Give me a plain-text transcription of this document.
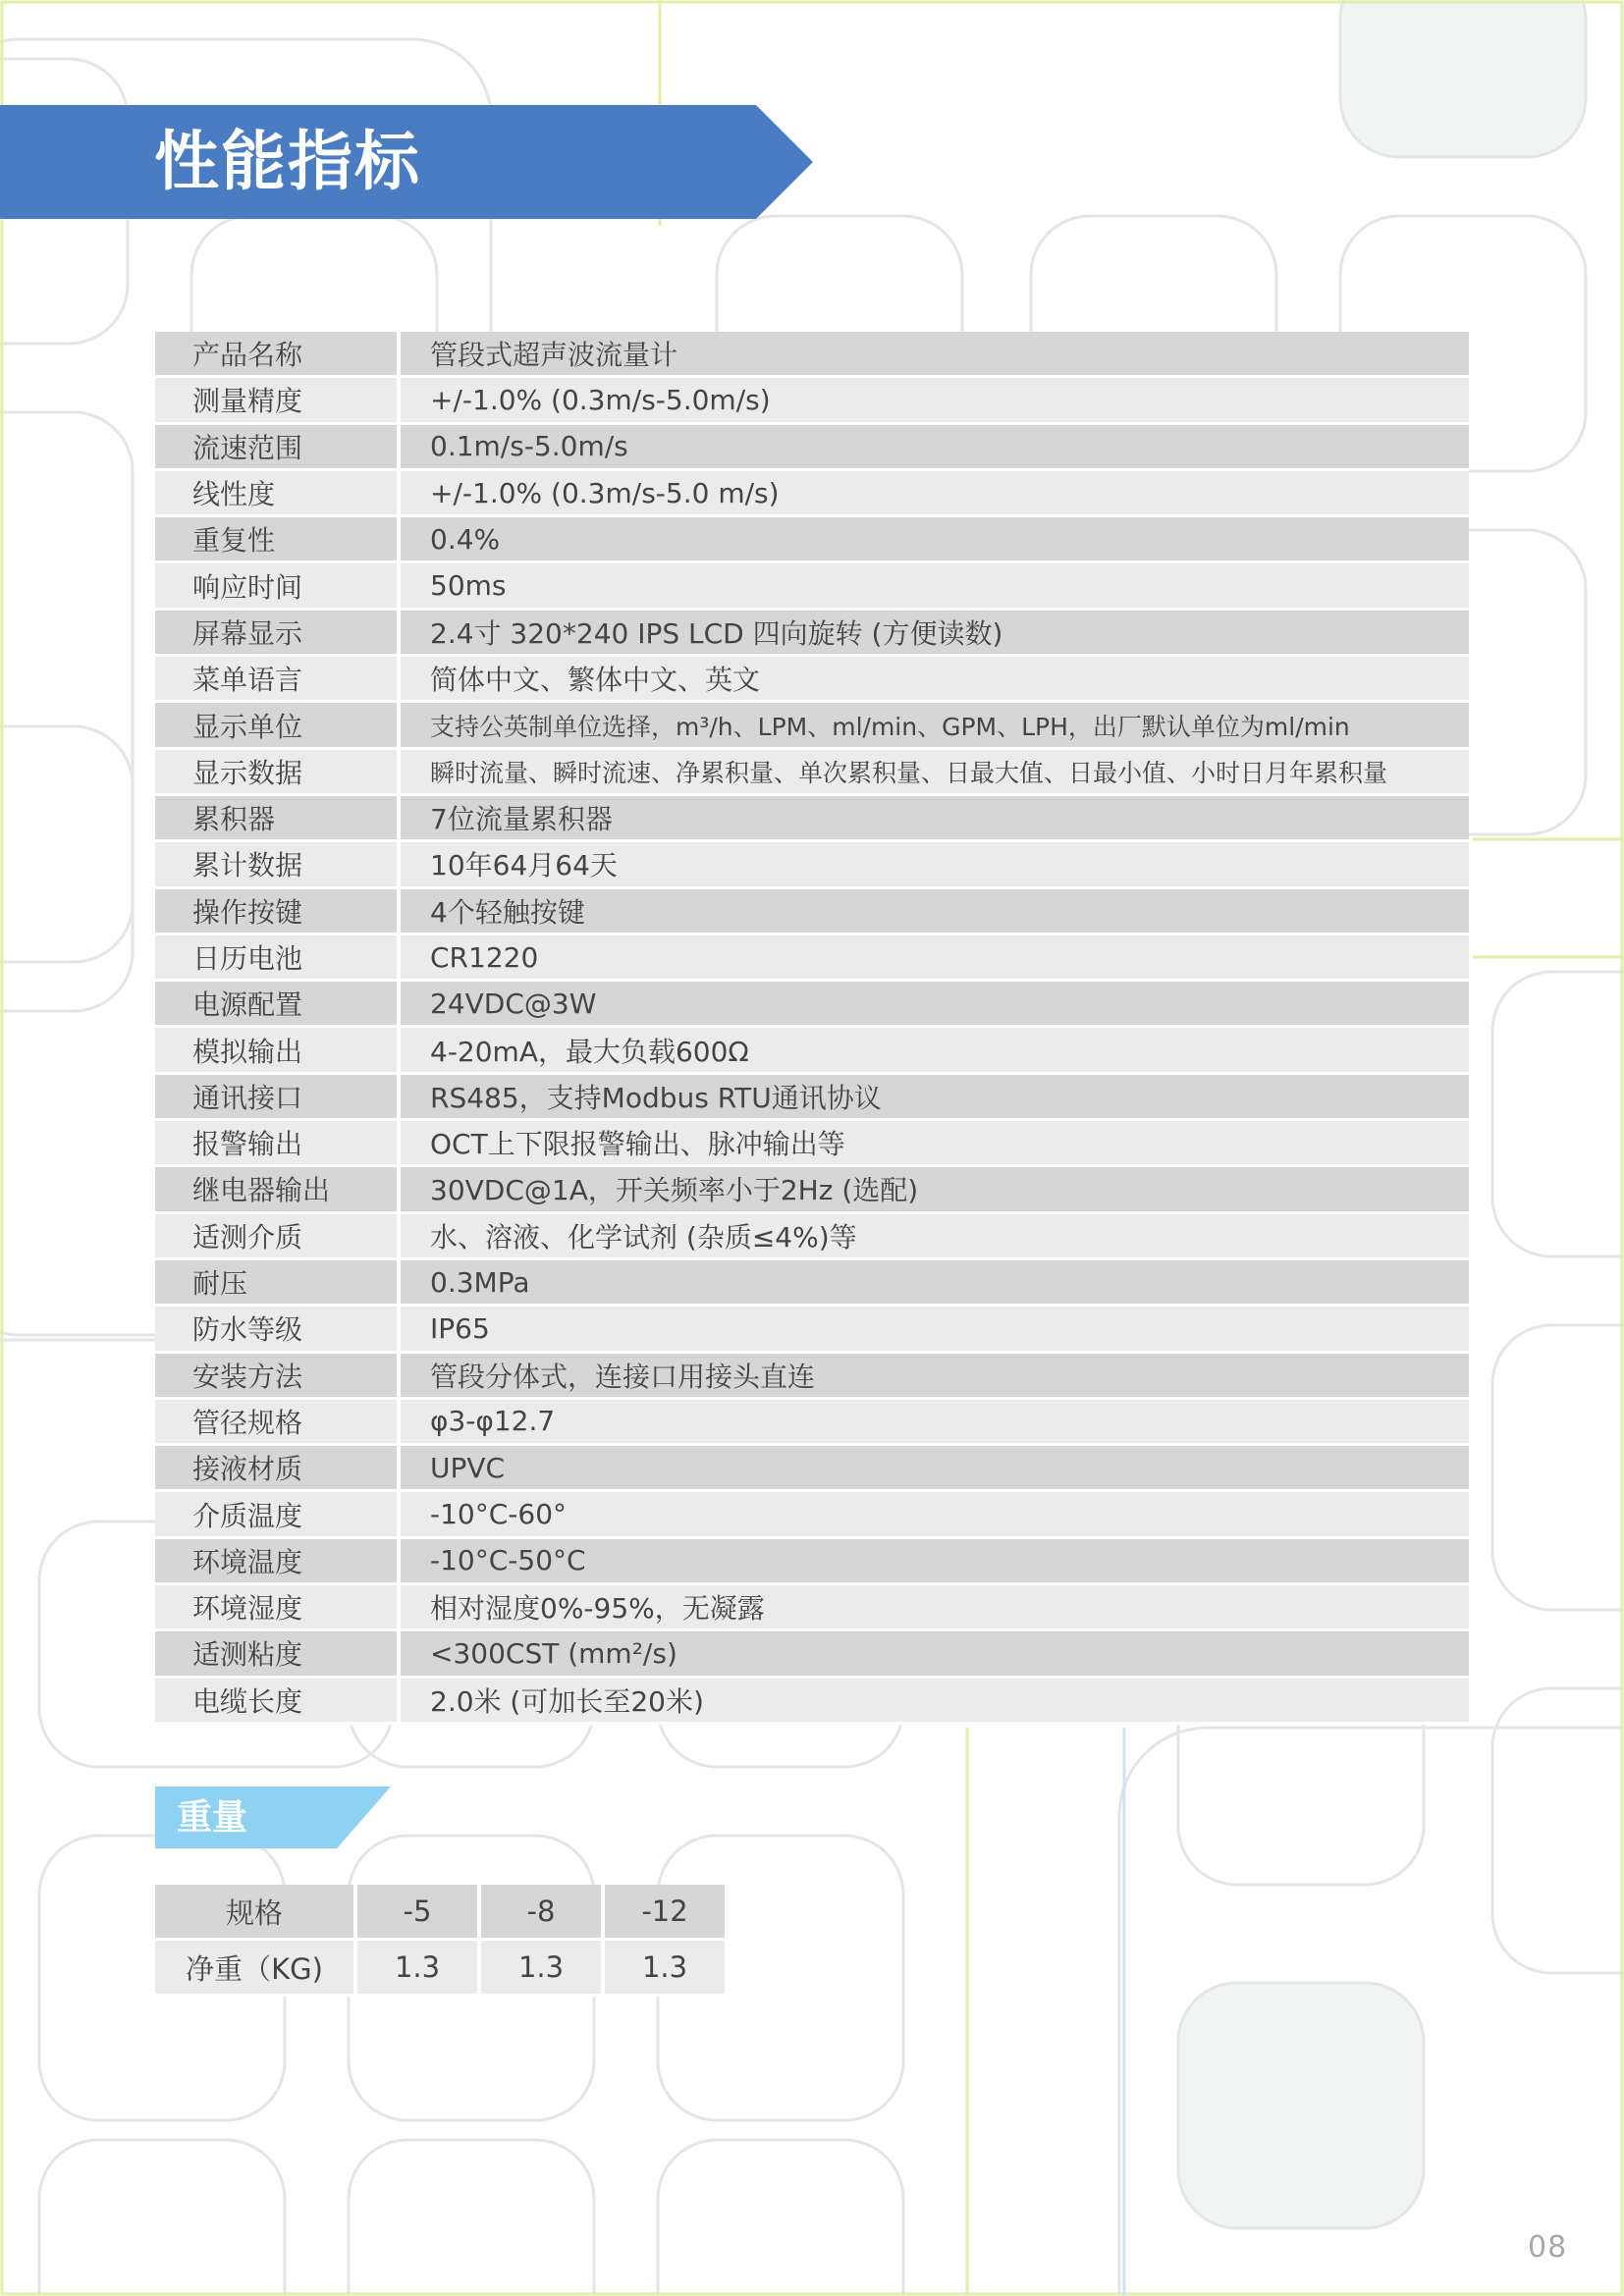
性能指标
产品名称	管段式超声波流量计
测量精度	+/-1.0% (0.3m/s-5.0m/s)
流速范围	0.1m/s-5.0m/s
线性度	+/-1.0% (0.3m/s-5.0 m/s)
重复性	0.4%
响应时间	50ms
屏幕显示	2.4寸 320*240 IPS LCD 四向旋转 (方便读数)
菜单语言	简体中文、繁体中文、英文
显示单位	支持公英制单位选择，m³/h、LPM、ml/min、GPM、LPH，出厂默认单位为ml/min
显示数据	瞬时流量、瞬时流速、净累积量、单次累积量、日最大值、日最小值、小时日月年累积量
累积器	7位流量累积器
累计数据	10年64月64天
操作按键	4个轻触按键
日历电池	CR1220
电源配置	24VDC@3W
模拟输出	4-20mA，最大负载600Ω
通讯接口	RS485，支持Modbus RTU通讯协议
报警输出	OCT上下限报警输出、脉冲输出等
继电器输出	30VDC@1A，开关频率小于2Hz (选配)
适测介质	水、溶液、化学试剂 (杂质≤4%)等
耐压	0.3MPa
防水等级	IP65
安装方法	管段分体式，连接口用接头直连
管径规格	φ3-φ12.7
接液材质	UPVC
介质温度	-10°C-60°
环境温度	-10°C-50°C
环境湿度	相对湿度0%-95%，无凝露
适测粘度	<300CST (mm²/s)
电缆长度	2.0米 (可加长至20米)
重量
规格	-5	-8	-12
净重（KG)	1.3	1.3	1.3
08
